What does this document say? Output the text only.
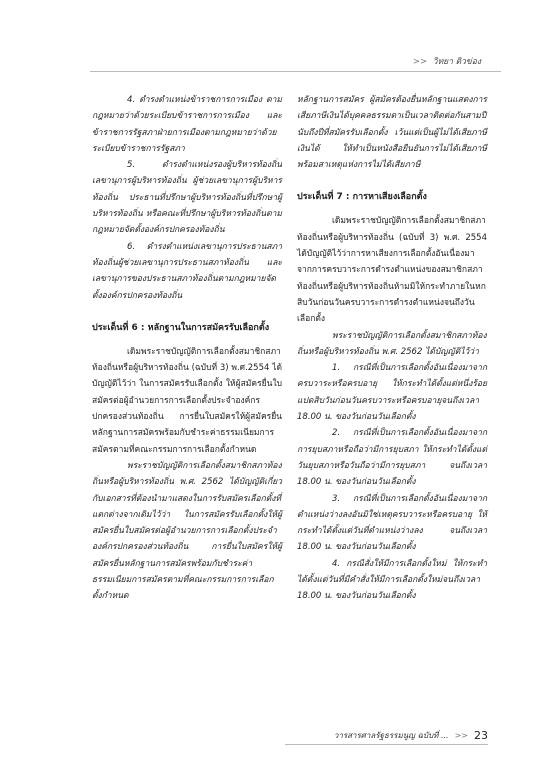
>> วิทยา ติวข่อง

4. ตำรงตำแหน่งข้าราชการการเมือง ตามกฎหมายว่าด้วยระเบียบข้าราชการการเมือง และข้าราชการรัฐสภาฝ่ายการเมืองตามกฎหมายว่าด้วยระเบียบข้าราชการรัฐสภา

5. ดำรงตำแหน่งรองผู้บริหารท้องถิ่น เลขานุการผู้บริหารท้องถิ่น ผู้ช่วยเลขานุการผู้บริหารท้องถิ่น ประธานที่ปรึกษาผู้บริหารท้องถิ่นที่ปรึกษาผู้บริหารท้องถิ่น หรือคณะที่ปรึกษาผู้บริหารท้องถิ่นตามกฎหมายจัดตั้งองค์กรปกครองท้องถิ่น

6. ดำรงตำแหน่งเลขานุการประธานสภาท้องถิ่นผู้ช่วยเลขานุการประธานสภาท้องถิ่น และเลขานุการของประธานสภาท้องถิ่นตามกฎหมายจัดตั้งองค์กรปกครองท้องถิ่น

ประเด็นที่ 6 : หลักฐานในการสมัครรับเลือกตั้ง

เดิมพระราชบัญญัติการเลือกตั้งสมาชิกสภาท้องถิ่นหรือผู้บริหารท้องถิ่น (ฉบับที่ 3) พ.ศ.2554 ได้บัญญัติไว้ว่า ในการสมัครรับเลือกตั้ง ให้ผู้สมัครยื่นใบสมัครต่อผู้อำนวยการการเลือกตั้งประจำองค์กรปกครองส่วนท้องถิ่น การยื่นใบสมัครให้ผู้สมัครยื่นหลักฐานการสมัครพร้อมกับชำระค่าธรรมเนียมการสมัครตามที่คณะกรรมการการเลือกตั้งกำหนด

พระราชบัญญัติการเลือกตั้งสมาชิกสภาท้องถิ่นหรือผู้บริหารท้องถิ่น พ.ศ. 2562 ได้บัญญัติเกี่ยวกับเอกสารที่ต้องนำมาแสดงในการรับสมัครเลือกตั้งที่แตกต่างจากเดิมไว้ว่า ในการสมัครรับเลือกตั้งให้ผู้สมัครยื่นใบสมัครต่อผู้อำนวยการการเลือกตั้งประจำองค์กรปกครองส่วนท้องถิ่น การยื่นใบสมัครให้ผู้สมัครยื่นหลักฐานการสมัครพร้อมกับชำระค่าธรรมเนียมการสมัครตามที่คณะกรรมการการเลือกตั้งกำหนด

หลักฐานการสมัคร ผู้สมัครต้องยื่นหลักฐานแสดงการเสียภาษีเงินได้บุคคลธรรมดาเป็นเวลาติดต่อกันสามปีนับถึงปีที่สมัครรับเลือกตั้ง เว้นแต่เป็นผู้ไม่ได้เสียภาษีเงินได้ ให้ทำเป็นหนังสือยืนยันการไม่ได้เสียภาษีพร้อมสาเหตุแห่งการไม่ได้เสียภาษี

ประเด็นที่ 7 : การหาเสียงเลือกตั้ง

เดิมพระราชบัญญัติการเลือกตั้งสมาชิกสภาท้องถิ่นหรือผู้บริหารท้องถิ่น (ฉบับที่ 3) พ.ศ. 2554 ได้บัญญัติไว้ว่าการหาเสียงการเลือกตั้งอันเนื่องมาจากการครบวาระการดำรงตำแหน่งของสมาชิกสภาท้องถิ่นหรือผู้บริหารท้องถิ่นห้ามมิให้กระทำภายในหกสิบวันก่อนวันครบวาระการดำรงตำแหน่งจนถึงวันเลือกตั้ง

พระราชบัญญัติการเลือกตั้งสมาชิกสภาท้องถิ่นหรือผู้บริหารท้องถิ่น พ.ศ. 2562 ได้บัญญัติไว้ว่า

1. กรณีที่เป็นการเลือกตั้งอันเนื่องมาจากครบวาระหรือครบอายุ ให้กระทำได้ตั้งแต่หนึ่งร้อยแปดสิบวันก่อนวันครบวาระหรือครบอายุจนถึงเวลา 18.00 น. ของวันก่อนวันเลือกตั้ง

2. กรณีที่เป็นการเลือกตั้งอันเนื่องมาจากการยุบสภาหรือถือว่ามีการยุบสภา ให้กระทำได้ตั้งแต่วันยุบสภาหรือวันถือว่ามีการยุบสภา จนถึงเวลา 18.00 น. ของวันก่อนวันเลือกตั้ง

3. กรณีที่เป็นการเลือกตั้งอันเนื่องมาจากตำแหน่งว่างลงอันมิใช่เหตุครบวาระหรือครบอายุ ให้กระทำได้ตั้งแต่วันที่ตำแหน่งว่างลง จนถึงเวลา 18.00 น. ของวันก่อนวันเลือกตั้ง

4. กรณีสั่งให้มีการเลือกตั้งใหม่ ให้กระทำได้ตั้งแต่วันที่มีคำสั่งให้มีการเลือกตั้งใหม่จนถึงเวลา 18.00 น. ของวันก่อนวันเลือกตั้ง

วารสารศาลรัฐธรรมนูญ ฉบับที่ ... >> 23
